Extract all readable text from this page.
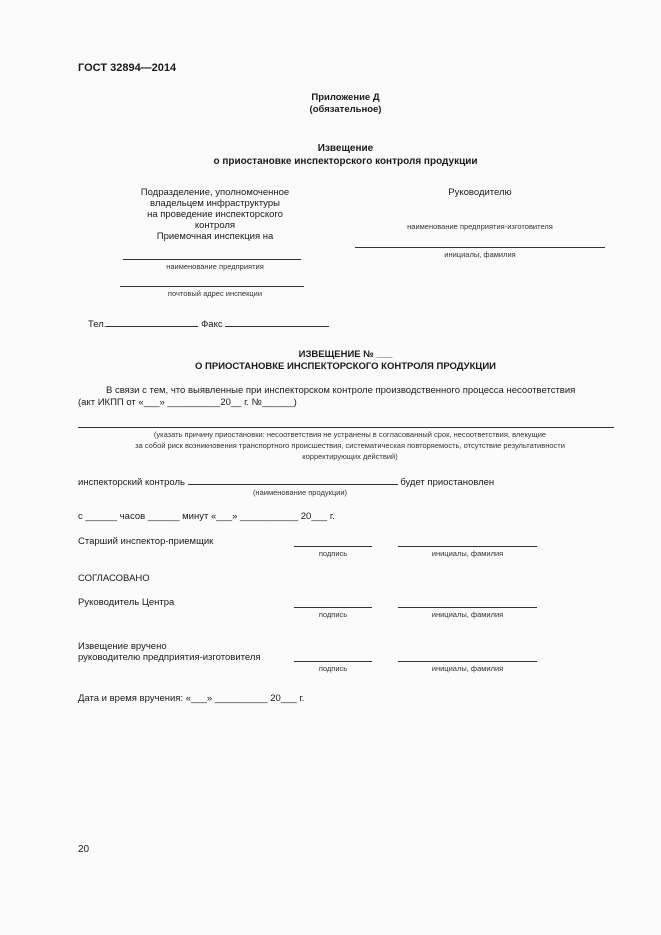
ГОСТ 32894—2014
Приложение Д
(обязательное)
Извещение
о приостановке инспекторского контроля продукции
Подразделение, уполномоченное
владельцем инфраструктуры
на проведение инспекторского
контроля
Приемочная инспекция на
наименование предприятия
почтовый адрес инспекции
Руководителю
наименование предприятия-изготовителя
инициалы, фамилия
Тел.	Факс
ИЗВЕЩЕНИЕ № ___
О ПРИОСТАНОВКЕ ИНСПЕКТОРСКОГО КОНТРОЛЯ ПРОДУКЦИИ
В связи с тем, что выявленные при инспекторском контроле производственного процесса несоответствия
(акт ИКПП от «___» __________20__ г. №______)
(указать причину приостановки: несоответствия не устранены в согласованный срок, несоответствия, влекущие
за собой риск возникновения транспортного происшествия, систематическая повторяемость, отсутствие результативности
корректирующих действий)
инспекторский контроль	будет приостановлен
(наименование продукции)
с ______ часов ______ минут «___» ___________ 20___ г.
Старший инспектор-приемщик
подпись	инициалы, фамилия
СОГЛАСОВАНО
Руководитель Центра
подпись	инициалы, фамилия
Извещение вручено
руководителю предприятия-изготовителя
подпись	инициалы, фамилия
Дата и время вручения: «___» __________ 20___ г.
20
